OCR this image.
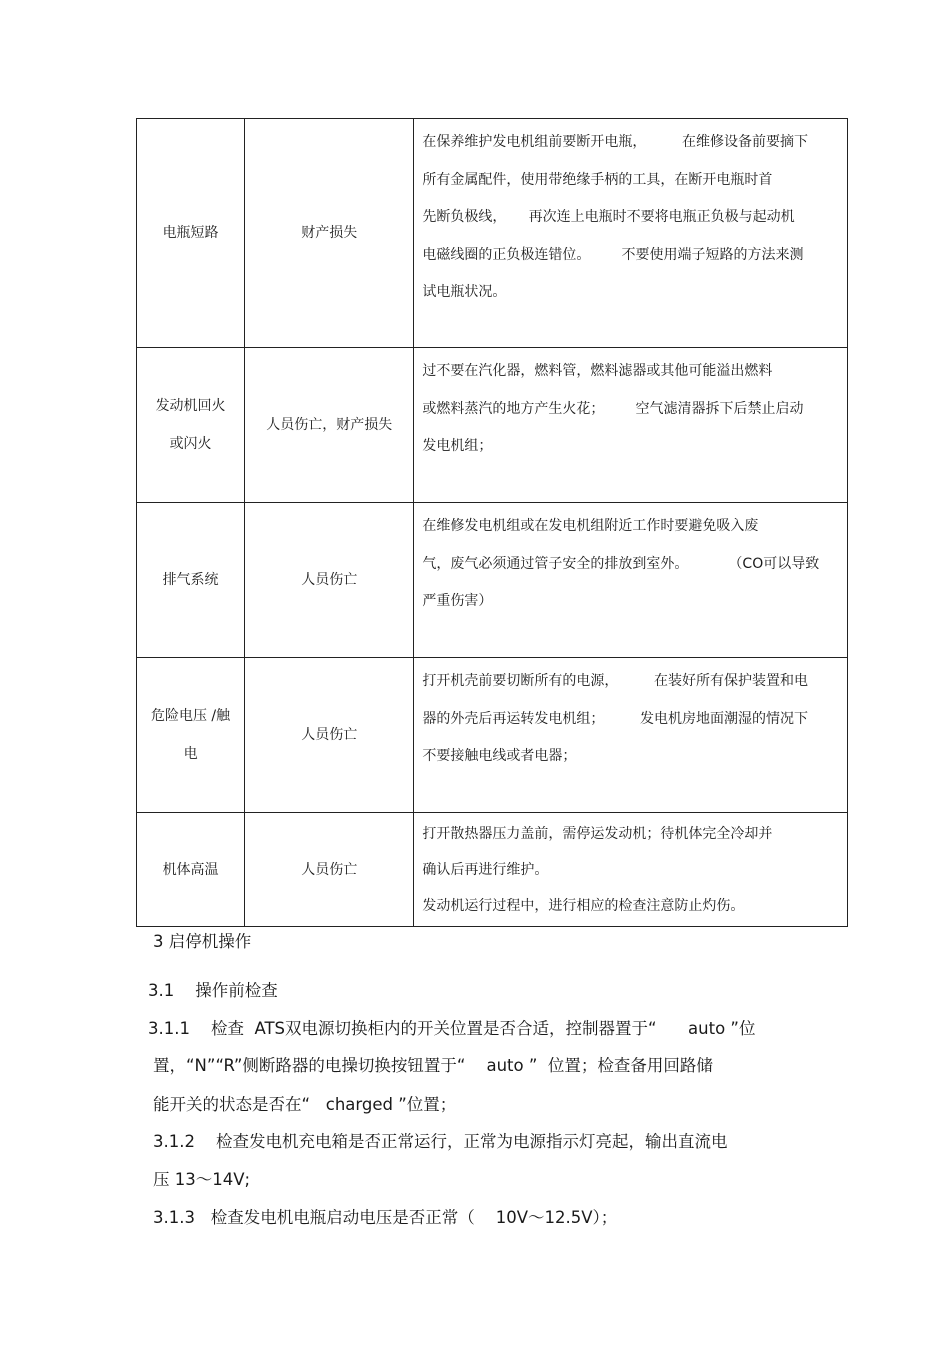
电瓶短路	财产损失	在保养维护发电机组前要断开电瓶，        在维修设备前要摘下
所有金属配件，使用带绝缘手柄的工具，在断开电瓶时首
先断负极线，     再次连上电瓶时不要将电瓶正负极与起动机
电磁线圈的正负极连错位。       不要使用端子短路的方法来测
试电瓶状况。

发动机回火
或闪火	人员伤亡，财产损失	过不要在汽化器，燃料管，燃料滤器或其他可能溢出燃料
或燃料蒸汽的地方产生火花；       空气滤清器拆下后禁止启动
发电机组；

排气系统	人员伤亡	在维修发电机组或在发电机组附近工作时要避免吸入废
气，废气必须通过管子安全的排放到室外。         （CO可以导致
严重伤害）

危险电压 /触
电	人员伤亡	打开机壳前要切断所有的电源，        在装好所有保护装置和电
器的外壳后再运转发电机组；        发电机房地面潮湿的情况下
不要接触电线或者电器；

机体高温	人员伤亡	打开散热器压力盖前，需停运发动机；待机体完全冷却并
确认后再进行维护。
发动机运行过程中，进行相应的检查注意防止灼伤。
3 启停机操作
3.1    操作前检查
3.1.1    检查  ATS双电源切换柜内的开关位置是否合适，控制器置于“      auto ”位
置，“N”“R”侧断路器的电操切换按钮置于“    auto ”  位置；检查备用回路储
能开关的状态是否在“   charged ”位置；
3.1.2    检查发电机充电箱是否正常运行，正常为电源指示灯亮起，输出直流电
压 13～14V;
3.1.3   检查发电机电瓶启动电压是否正常（    10V～12.5V）；
